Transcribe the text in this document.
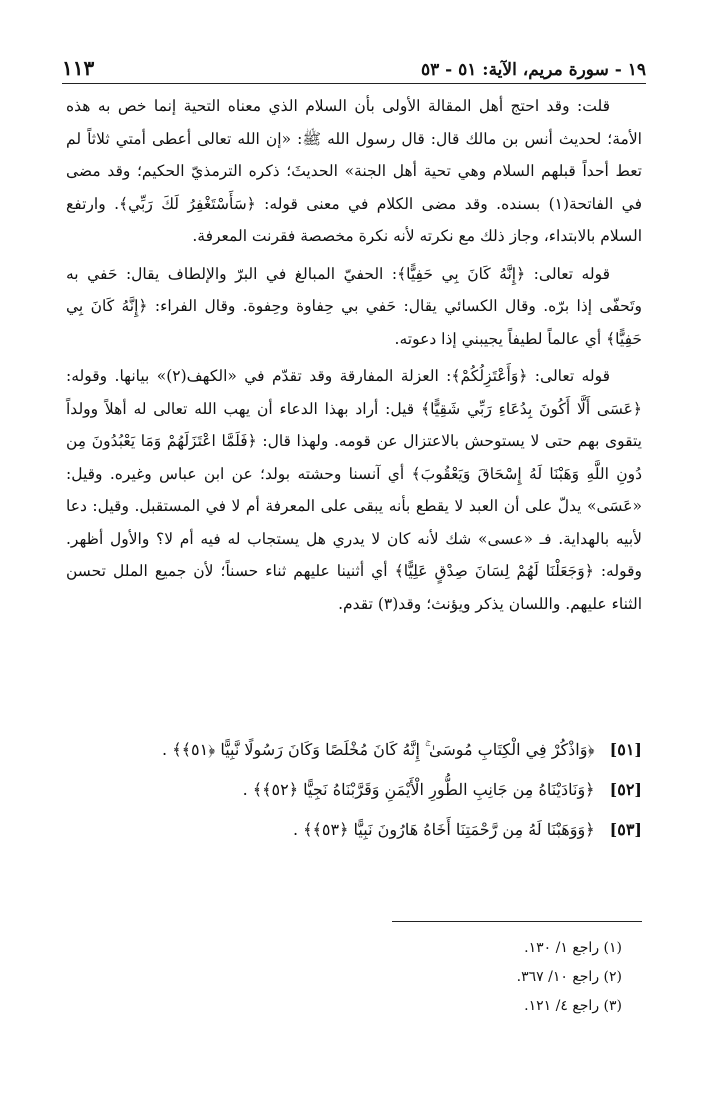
١٩ - سورة مريم، الآية: ٥١ - ٥٣
١١٣

قلت: وقد احتج أهل المقالة الأولى بأن السلام الذي معناه التحية إنما خص به هذه الأمة؛ لحديث أنس بن مالك قال: قال رسول الله ﷺ: «إن الله تعالى أعطى أمتي ثلاثاً لم تعط أحداً قبلهم السلام وهي تحية أهل الجنة» الحديثَ؛ ذكره الترمذيّ الحكيم؛ وقد مضى في الفاتحة(١) بسنده. وقد مضى الكلام في معنى قوله: ﴿سَأَسْتَغْفِرُ لَكَ رَبِّي﴾. وارتفع السلام بالابتداء، وجاز ذلك مع نكرته لأنه نكرة مخصصة فقرنت المعرفة.

قوله تعالى: ﴿إِنَّهُ كَانَ بِي حَفِيًّا﴾: الحفيّ المبالغ في البرّ والإلطاف يقال: حَفي به وتَحفّى إذا برّه. وقال الكسائي يقال: حَفي بي حِفاوة وحِفوة. وقال الفراء: ﴿إِنَّهُ كَانَ بِي حَفِيًّا﴾ أي عالماً لطيفاً يجيبني إذا دعوته.

قوله تعالى: ﴿وَأَعْتَزِلُكُمْ﴾: العزلة المفارقة وقد تقدّم في «الكهف(٢)» بيانها. وقوله: ﴿عَسَى أَلَّا أَكُونَ بِدُعَاءِ رَبِّي شَقِيًّا﴾ قيل: أراد بهذا الدعاء أن يهب الله تعالى له أهلاً وولداً يتقوى بهم حتى لا يستوحش بالاعتزال عن قومه. ولهذا قال: ﴿فَلَمَّا اعْتَزَلَهُمْ وَمَا يَعْبُدُونَ مِن دُونِ اللَّهِ وَهَبْنَا لَهُ إِسْحَاقَ وَيَعْقُوبَ﴾ أي آنسنا وحشته بولد؛ عن ابن عباس وغيره. وقيل: «عَسَى» يدلّ على أن العبد لا يقطع بأنه يبقى على المعرفة أم لا في المستقبل. وقيل: دعا لأبيه بالهداية. فـ «عسى» شك لأنه كان لا يدري هل يستجاب له فيه أم لا؟ والأول أظهر. وقوله: ﴿وَجَعَلْنَا لَهُمْ لِسَانَ صِدْقٍ عَلِيًّا﴾ أي أثنينا عليهم ثناء حسناً؛ لأن جميع الملل تحسن الثناء عليهم. واللسان يذكر ويؤنث؛ وقد(٣) تقدم.

[٥١] ﴿وَاذْكُرْ فِي الْكِتَابِ مُوسَىٰ ۚ إِنَّهُ كَانَ مُخْلَصًا وَكَانَ رَسُولًا نَّبِيًّا ﴿٥١﴾﴾ .
[٥٢] ﴿وَنَادَيْنَاهُ مِن جَانِبِ الطُّورِ الْأَيْمَنِ وَقَرَّبْنَاهُ نَجِيًّا ﴿٥٢﴾﴾ .
[٥٣] ﴿وَوَهَبْنَا لَهُ مِن رَّحْمَتِنَا أَخَاهُ هَارُونَ نَبِيًّا ﴿٥٣﴾﴾ .
(١) راجع ١/ ١٣٠.
(٢) راجع ١٠/ ٣٦٧.
(٣) راجع ٤/ ١٢١.
